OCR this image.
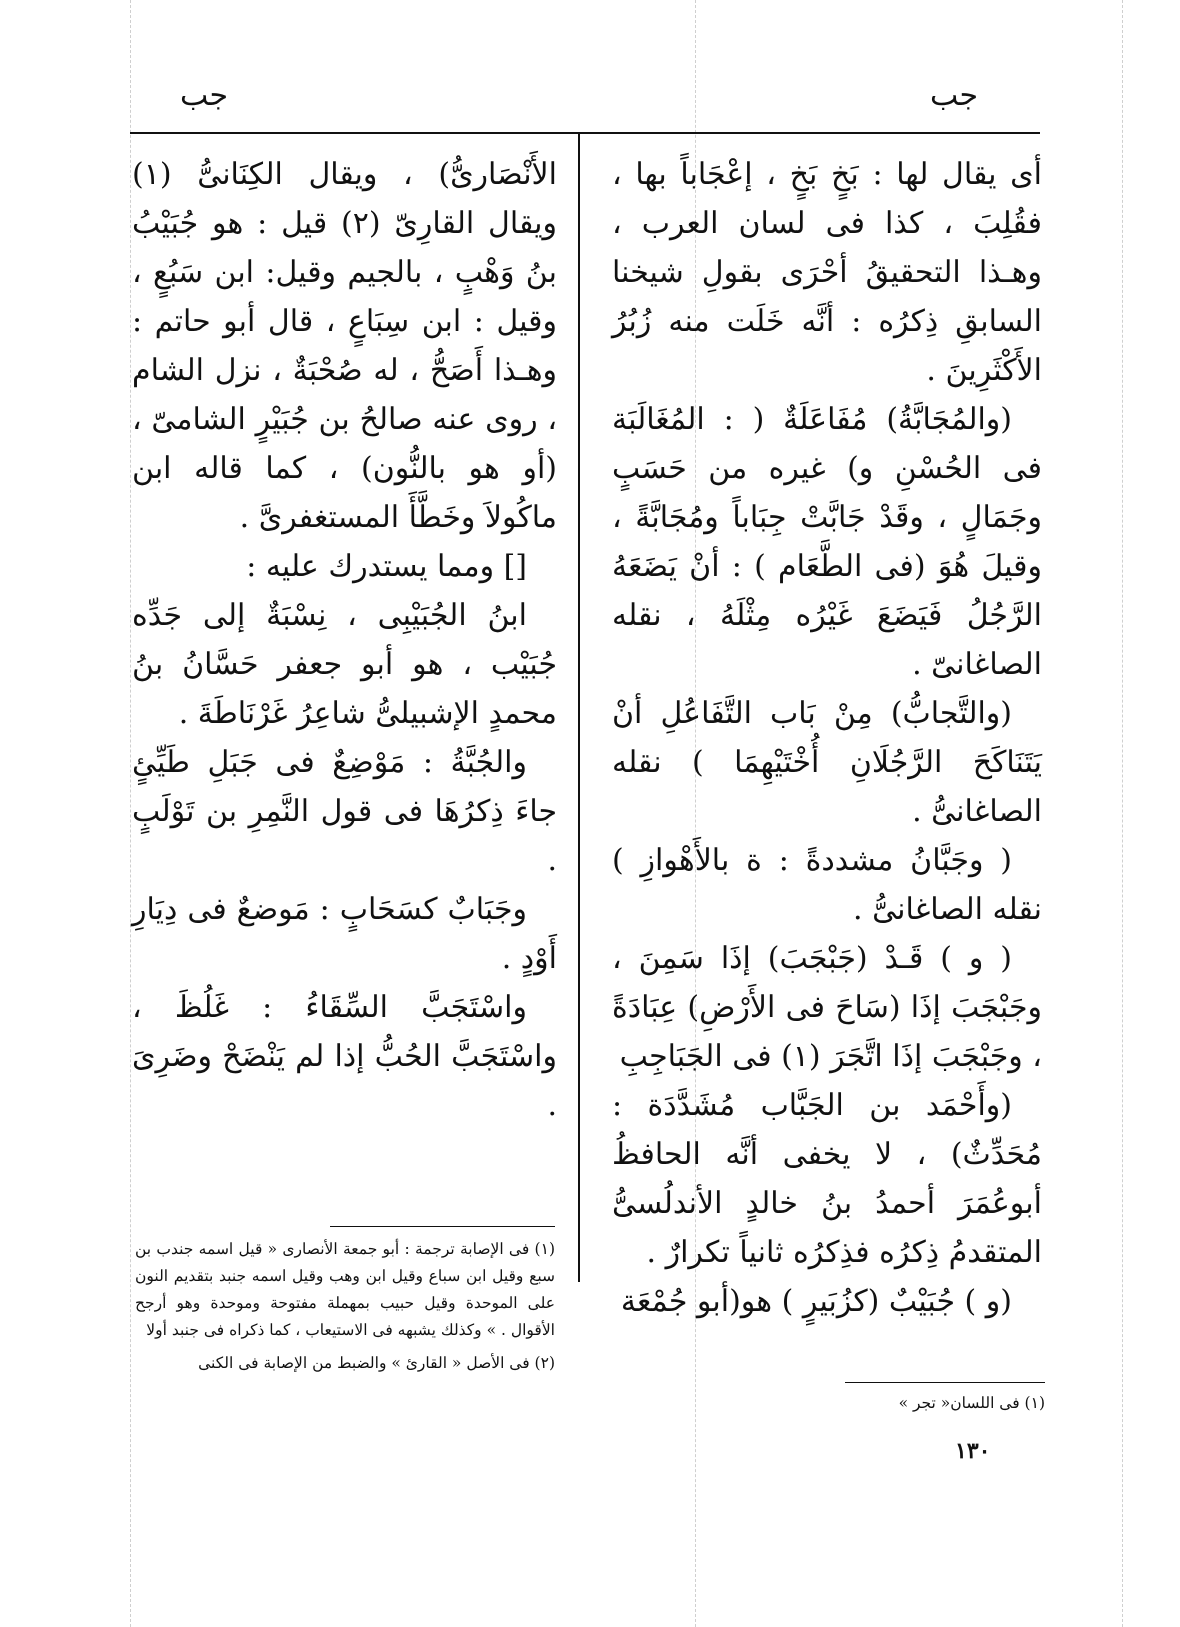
جب
جب

أى يقال لها : بَخٍ بَخٍ ، إعْجَاباً بها ، فقُلِبَ ، كذا فى لسان العرب ، وهـذا التحقيقُ أحْرَى بقولِ شيخنا السابقِ ذِكرُه : أنَّه خَلَت منه زُبُرُ الأَكْثَرِينَ .

(والمُجَابَّةُ) مُفَاعَلَةٌ ( : المُغَالَبَة فى الحُسْنِ و) غيره من حَسَبٍ وجَمَالٍ ، وقَدْ جَابَّتْ جِبَاباً ومُجَابَّةً ، وقيلَ هُوَ (فى الطَّعَام ) : أنْ يَضَعَهُ الرَّجُلُ فَيَضَعَ غَيْرُه مِثْلَهُ ، نقله الصاغانىّ .

(والتَّجابُّ) مِنْ بَاب التَّفَاعُلِ أنْ يَتَنَاكَحَ الرَّجُلَانِ أُخْتَيْهِمَا ) نقله الصاغانىُّ .

( وجَبَّانُ مشددةً : ة بالأَهْوازِ ) نقله الصاغانىُّ .

( و ) قَـدْ (جَبْجَبَ) إذَا سَمِنَ ، وجَبْجَبَ إذَا (سَاحَ فى الأَرْضِ) عِبَادَةً ، وجَبْجَبَ إذَا اتَّجَرَ (١) فى الجَبَاجِبِ

(وأَحْمَد بن الجَبَّاب مُشَدَّدَة : مُحَدِّثٌ) ، لا يخفى أنَّه الحافظُ أبوعُمَرَ أحمدُ بنُ خالدٍ الأندلُسىُّ المتقدمُ ذِكرُه فذِكرُه ثانياً تكرارٌ .

(و ) جُبَيْبٌ (كزُبَيرٍ ) هو(أبو جُمْعَة

الأَنْصَارىُّ) ، ويقال الكِنَانىُّ (١) ويقال القارِىّ (٢) قيل : هو جُبَيْبُ بنُ وَهْبٍ ، بالجيم وقيل: ابن سَبُعٍ ، وقيل : ابن سِبَاعٍ ، قال أبو حاتم : وهـذا أَصَحُّ ، له صُحْبَةٌ ، نزل الشام ، روى عنه صالحُ بن جُبَيْرٍ الشامىّ ، (أو هو بالنُّون) ، كما قاله ابن ماكُولاَ وخَطَّأَ المستغفرىَّ .

[] ومما يستدرك عليه :

ابنُ الجُبَيْبِى ، نِسْبَةٌ إلى جَدِّه جُبَيْب ، هو أبو جعفر حَسَّانُ بنُ محمدٍ الإشبيلىُّ شاعِرُ غَرْنَاطَةَ .

والجُبَّةُ : مَوْضِعٌ فى جَبَلِ طَيِّئٍ جاءَ ذِكرُهَا فى قول النَّمِرِ بن تَوْلَبٍ .

وجَبَابٌ كسَحَابٍ : مَوضعٌ فى دِيَارِ أَوْدٍ .

واسْتَجَبَّ السِّقَاءُ : غَلُظَ ، واسْتَجَبَّ الحُبُّ إذا لم يَنْضَحْ وضَرِىَ .

(١) فى الإصابة ترجمة : أبو جمعة الأنصارى « قيل اسمه جندب بن سبع وقيل ابن سباع وقيل ابن وهب وقيل اسمه جنبد بتقديم النون على الموحدة وقيل حبيب بمهملة مفتوحة وموحدة وهو أرجح الأقوال . » وكذلك يشبهه فى الاستيعاب ، كما ذكراه فى جنبد أولا

(٢) فى الأصل « القارئ » والضبط من الإصابة فى الكنى

(١) فى اللسان« تجر »

١٣٠
